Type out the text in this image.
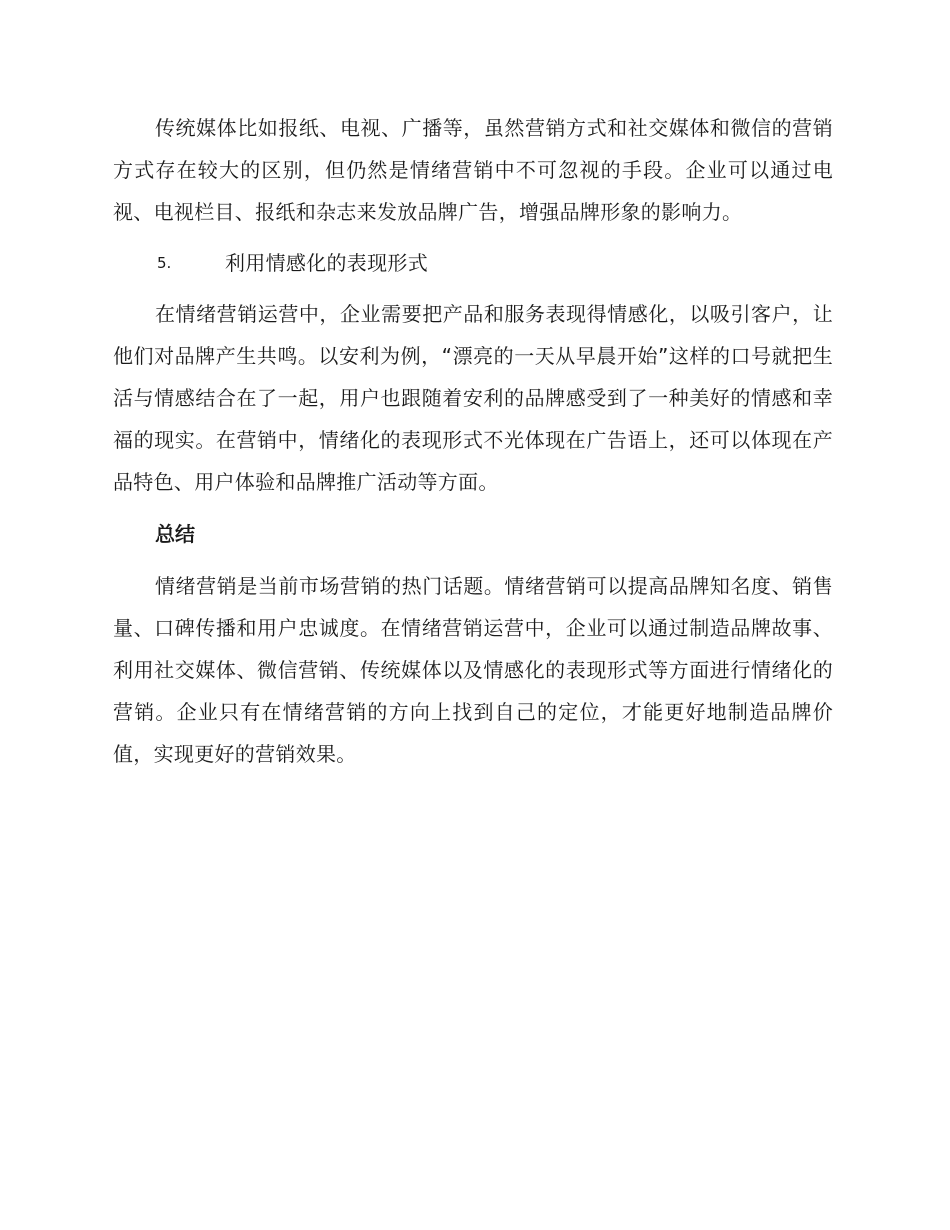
传统媒体比如报纸、电视、广播等，虽然营销方式和社交媒体和微信的营销方式存在较大的区别，但仍然是情绪营销中不可忽视的手段。企业可以通过电视、电视栏目、报纸和杂志来发放品牌广告，增强品牌形象的影响力。

5.	利用情感化的表现形式

在情绪营销运营中，企业需要把产品和服务表现得情感化，以吸引客户，让他们对品牌产生共鸣。以安利为例，“漂亮的一天从早晨开始”这样的口号就把生活与情感结合在了一起，用户也跟随着安利的品牌感受到了一种美好的情感和幸福的现实。在营销中，情绪化的表现形式不光体现在广告语上，还可以体现在产品特色、用户体验和品牌推广活动等方面。

总结

情绪营销是当前市场营销的热门话题。情绪营销可以提高品牌知名度、销售量、口碑传播和用户忠诚度。在情绪营销运营中，企业可以通过制造品牌故事、利用社交媒体、微信营销、传统媒体以及情感化的表现形式等方面进行情绪化的营销。企业只有在情绪营销的方向上找到自己的定位，才能更好地制造品牌价值，实现更好的营销效果。
